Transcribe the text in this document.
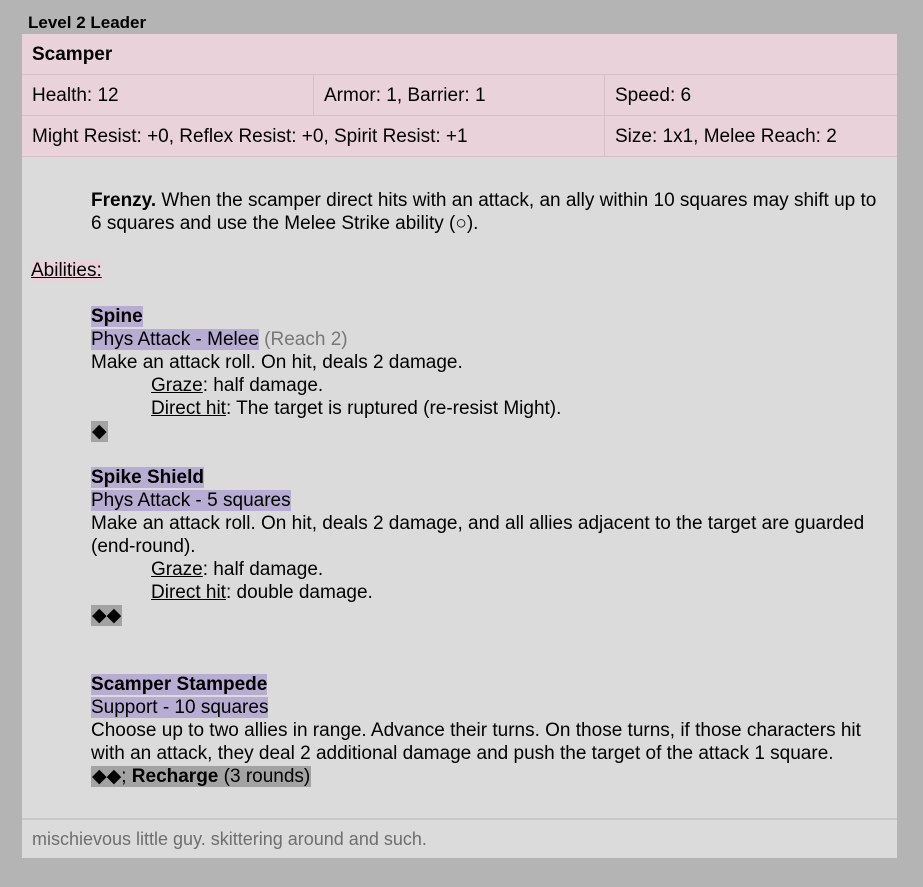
Level 2 Leader
Scamper
Health: 12	Armor: 1, Barrier: 1	Speed: 6
Might Resist: +0, Reflex Resist: +0, Spirit Resist: +1	Size: 1x1, Melee Reach: 2
Frenzy. When the scamper direct hits with an attack, an ally within 10 squares may shift up to 6 squares and use the Melee Strike ability (○).
Abilities:
Spine
Phys Attack - Melee (Reach 2)
Make an attack roll. On hit, deals 2 damage.
Graze: half damage.
Direct hit: The target is ruptured (re-resist Might).
◆
Spike Shield
Phys Attack - 5 squares
Make an attack roll. On hit, deals 2 damage, and all allies adjacent to the target are guarded (end-round).
Graze: half damage.
Direct hit: double damage.
◆◆
Scamper Stampede
Support - 10 squares
Choose up to two allies in range. Advance their turns. On those turns, if those characters hit with an attack, they deal 2 additional damage and push the target of the attack 1 square.
◆◆; Recharge (3 rounds)
mischievous little guy. skittering around and such.
